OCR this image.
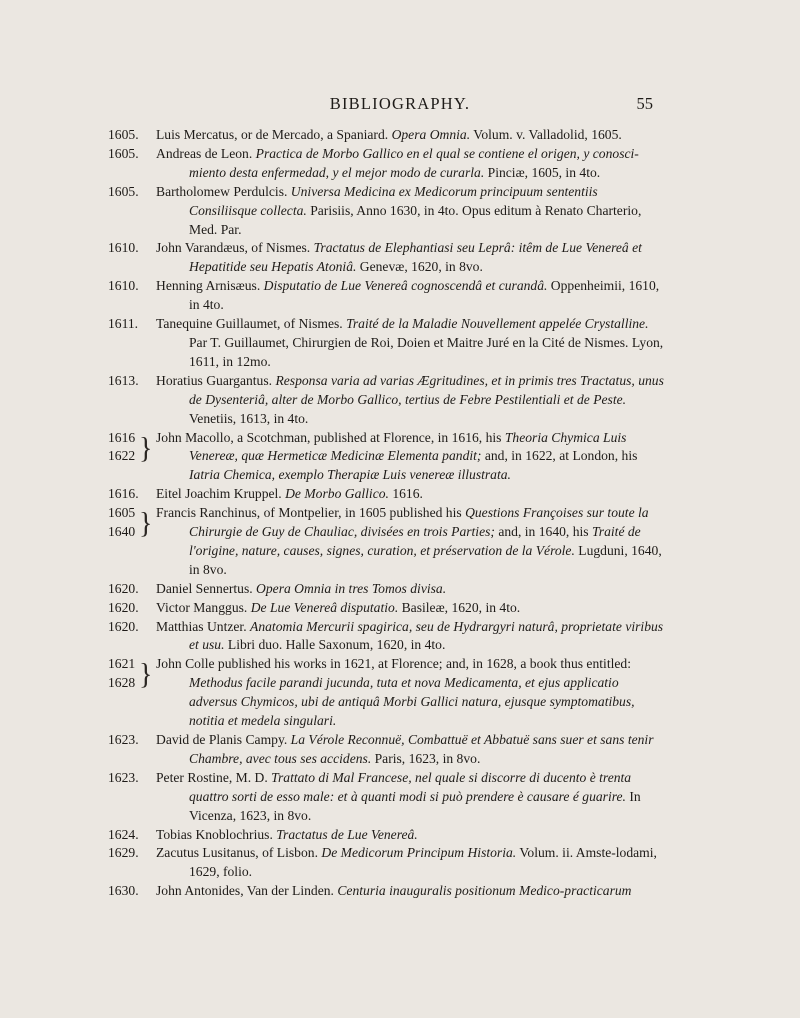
BIBLIOGRAPHY.	55
1605.	Luis Mercatus, or de Mercado, a Spaniard. Opera Omnia. Volum. v. Valladolid, 1605.
1605.	Andreas de Leon. Practica de Morbo Gallico en el qual se contiene el origen, y conosci-miento desta enfermedad, y el mejor modo de curarla. Pinciæ, 1605, in 4to.
1605.	Bartholomew Perdulcis. Universa Medicina ex Medicorum principuum sententiis Consiliisque collecta. Parisiis, Anno 1630, in 4to. Opus editum à Renato Charterio, Med. Par.
1610.	John Varandæus, of Nismes. Tractatus de Elephantiasi seu Leprâ: itêm de Lue Venereâ et Hepatitide seu Hepatis Atoniâ. Genevæ, 1620, in 8vo.
1610.	Henning Arnisæus. Disputatio de Lue Venereâ cognoscendâ et curandâ. Oppenheimii, 1610, in 4to.
1611.	Tanequine Guillaumet, of Nismes. Traité de la Maladie Nouvellement appelée Crystalline. Par T. Guillaumet, Chirurgien de Roi, Doien et Maitre Juré en la Cité de Nismes. Lyon, 1611, in 12mo.
1613.	Horatius Guargantus. Responsa varia ad varias Ægritudines, et in primis tres Tractatus, unus de Dysenteriâ, alter de Morbo Gallico, tertius de Febre Pestilentiali et de Peste. Venetiis, 1613, in 4to.
1616
1622 } John Macollo, a Scotchman, published at Florence, in 1616, his Theoria Chymica Luis Venereæ, quæ Hermeticæ Medicinæ Elementa pandit; and, in 1622, at London, his Iatria Chemica, exemplo Therapiæ Luis venereæ illustrata.
1616.	Eitel Joachim Kruppel. De Morbo Gallico. 1616.
1605
1640 } Francis Ranchinus, of Montpelier, in 1605 published his Questions Françoises sur toute la Chirurgie de Guy de Chauliac, divisées en trois Parties; and, in 1640, his Traité de l'origine, nature, causes, signes, curation, et préservation de la Vérole. Lugduni, 1640, in 8vo.
1620.	Daniel Sennertus. Opera Omnia in tres Tomos divisa.
1620.	Victor Manggus. De Lue Venereâ disputatio. Basileæ, 1620, in 4to.
1620.	Matthias Untzer. Anatomia Mercurii spagirica, seu de Hydrargyri naturâ, proprietate viribus et usu. Libri duo. Halle Saxonum, 1620, in 4to.
1621
1628 } John Colle published his works in 1621, at Florence; and, in 1628, a book thus entitled: Methodus facile parandi jucunda, tuta et nova Medicamenta, et ejus applicatio adversus Chymicos, ubi de antiquâ Morbi Gallici natura, ejusque symptomatibus, notitia et medela singulari.
1623.	David de Planis Campy. La Vérole Reconnuë, Combattuë et Abbatuë sans suer et sans tenir Chambre, avec tous ses accidens. Paris, 1623, in 8vo.
1623.	Peter Rostine, M. D. Trattato di Mal Francese, nel quale si discorre di ducento è trenta quattro sorti de esso male: et à quanti modi si può prendere è causare é guarire. In Vicenza, 1623, in 8vo.
1624.	Tobias Knoblochrius. Tractatus de Lue Venereâ.
1629.	Zacutus Lusitanus, of Lisbon. De Medicorum Principum Historia. Volum. ii. Amste-lodami, 1629, folio.
1630.	John Antonides, Van der Linden. Centuria inauguralis positionum Medico-practicarum
